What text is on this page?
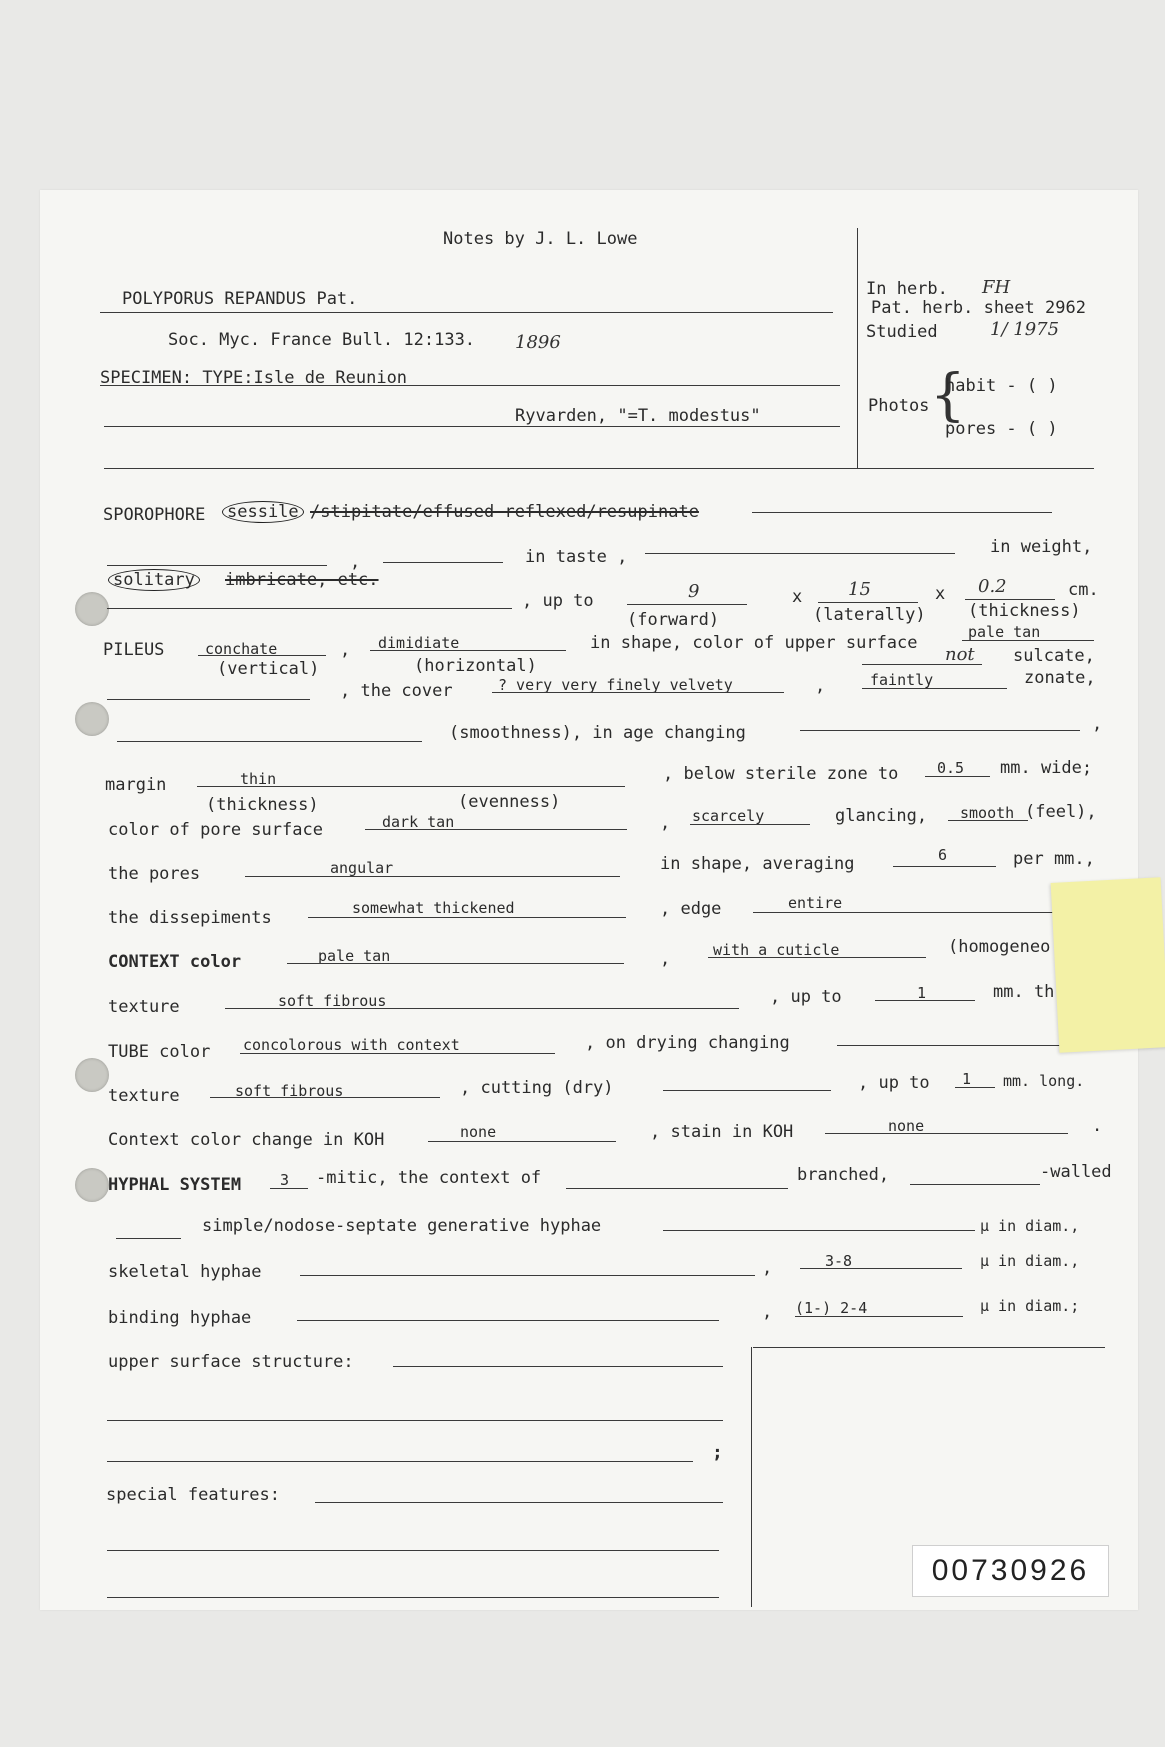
Notes by J. L. Lowe
POLYPORUS REPANDUS Pat.
Soc. Myc. France Bull. 12:133. 1896
SPECIMEN: TYPE:Isle de Reunion
Ryvarden, "=T. modestus"
In herb. FH
Pat. herb. sheet 2962
Studied	1/ 1975
Photos {
habit - ( )
pores - ( )
SPOROPHORE sessile /stipitate/effused-reflexed/resupinate
,	in taste ,	in weight,
solitary imbricate, etc.
, up to	9	x	15	x 0.2	cm.
(forward)	(laterally) (thickness)
PILEUS	conchate	, dimidiate	in shape, color of upper surface
pale tan
(vertical)	(horizontal)
not sulcate,
, the cover	? very very finely velvety	,	faintly	zonate,
(smoothness), in age changing	,
margin	thin	, below sterile zone to	0.5 mm. wide;
(thickness)	(evenness)
color of pore surface	dark tan	, scarcely	glancing, smooth (feel),
the pores	angular	in shape, averaging	6	per mm.,
the dissepiments	somewhat thickened	, edge	entire
CONTEXT color	pale tan	,	with a cuticle	(homogeneo
texture	soft fibrous	, up to	1	mm. th
TUBE color concolorous with context	, on drying changing
texture	soft fibrous	, cutting (dry)	, up to 1 mm. long.
Context color change in KOH	none	, stain in KOH	none	.
HYPHAL SYSTEM	3 -mitic, the context of	branched,	-walled
simple/nodose-septate generative hyphae	µ in diam.,
skeletal hyphae	,	3-8	µ in diam.,
binding hyphae	, (1-) 2-4	µ in diam.;
upper surface structure:
;
special features:
00730926
